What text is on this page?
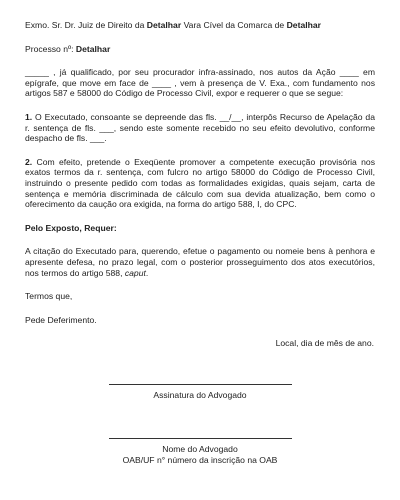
Exmo. Sr. Dr. Juiz de Direito da Detalhar Vara Cível da Comarca de Detalhar

Processo nº: Detalhar

_____ , já qualificado, por seu procurador infra-assinado, nos autos da Ação ____ em epígrafe, que move em face de ____ , vem à presença de V. Exa., com fundamento nos artigos 587 e 58000 do Código de Processo Civil, expor e requerer o que se segue:

1. O Executado, consoante se depreende das fls. __/__, interpôs Recurso de Apelação da r. sentença de fls. ___, sendo este somente recebido no seu efeito devolutivo, conforme despacho de fls. ___.

2. Com efeito, pretende o Exeqüente promover a competente execução provisória nos exatos termos da r. sentença, com fulcro no artigo 58000 do Código de Processo Civil, instruindo o presente pedido com todas as formalidades exigidas, quais sejam, carta de sentença e memória discriminada de cálculo com sua devida atualização, bem como o oferecimento da caução ora exigida, na forma do artigo 588, I, do CPC.

Pelo Exposto, Requer:

A citação do Executado para, querendo, efetue o pagamento ou nomeie bens à penhora e apresente defesa, no prazo legal, com o posterior prosseguimento dos atos executórios, nos termos do artigo 588, caput.

Termos que,

Pede Deferimento.

Local, dia de mês de ano.

Assinatura do Advogado

Nome do Advogado

OAB/UF n° número da inscrição na OAB
